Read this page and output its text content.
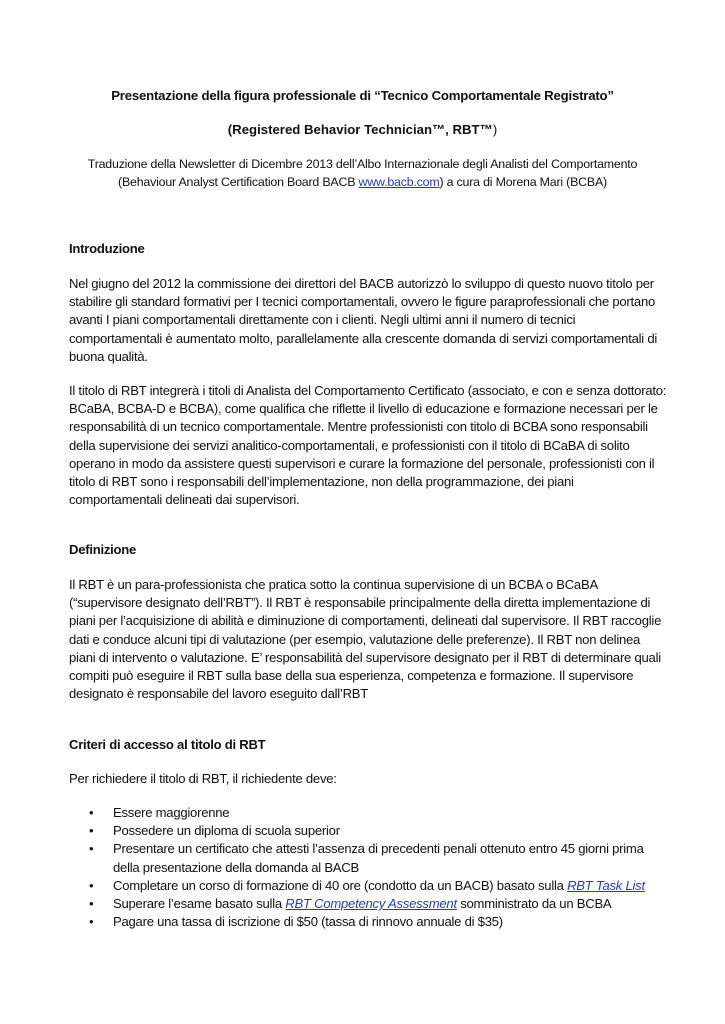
Presentazione della figura professionale di “Tecnico Comportamentale Registrato”
(Registered Behavior Technician™, RBT™)
Traduzione della Newsletter di Dicembre 2013 dell’Albo Internazionale degli Analisti del Comportamento
(Behaviour Analyst Certification Board BACB www.bacb.com) a cura di Morena Mari (BCBA)

Introduzione

Nel giugno del 2012 la commissione dei direttori del BACB autorizzò lo sviluppo di questo nuovo titolo per stabilire gli standard formativi per I tecnici comportamentali, ovvero le figure paraprofessionali che portano avanti I piani comportamentali direttamente con i clienti. Negli ultimi anni il numero di tecnici comportamentali è aumentato molto, parallelamente alla crescente domanda di servizi comportamentali di buona qualità.

Il titolo di RBT integrerà i titoli di Analista del Comportamento Certificato (associato, e con e senza dottorato: BCaBA, BCBA-D e BCBA), come qualifica che riflette il livello di educazione e formazione necessari per le responsabilità di un tecnico comportamentale. Mentre professionisti con titolo di BCBA sono responsabili della supervisione dei servizi analitico-comportamentali, e professionisti con il titolo di BCaBA di solito operano in modo da assistere questi supervisori e curare la formazione del personale, professionisti con il titolo di RBT sono i responsabili dell’implementazione, non della programmazione, dei piani comportamentali delineati dai supervisori.

Definizione

Il RBT è un para-professionista che pratica sotto la continua supervisione di un BCBA o BCaBA (“supervisore designato dell’RBT”). Il RBT è responsabile principalmente della diretta implementazione di piani per l’acquisizione di abilità e diminuzione di comportamenti, delineati dal supervisore. Il RBT raccoglie dati e conduce alcuni tipi di valutazione (per esempio, valutazione delle preferenze). Il RBT non delinea piani di intervento o valutazione. E’ responsabilità del supervisore designato per il RBT di determinare quali compiti può eseguire il RBT sulla base della sua esperienza, competenza e formazione. Il supervisore designato è responsabile del lavoro eseguito dall’RBT

Criteri di accesso al titolo di RBT

Per richiedere il titolo di RBT, il richiedente deve:

• Essere maggiorenne
• Possedere un diploma di scuola superior
• Presentare un certificato che attesti l’assenza di precedenti penali ottenuto entro 45 giorni prima della presentazione della domanda al BACB
• Completare un corso di formazione di 40 ore (condotto da un BACB) basato sulla RBT Task List
• Superare l’esame basato sulla RBT Competency Assessment somministrato da un BCBA
• Pagare una tassa di iscrizione di $50 (tassa di rinnovo annuale di $35)
